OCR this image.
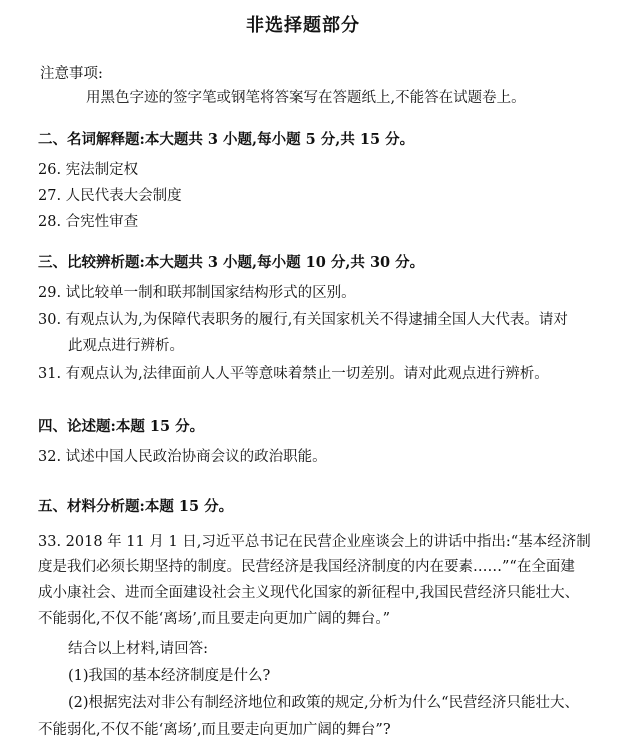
非选择题部分
注意事项:
用黑色字迹的签字笔或钢笔将答案写在答题纸上,不能答在试题卷上。
二、名词解释题:本大题共 3 小题,每小题 5 分,共 15 分。
26. 宪法制定权
27. 人民代表大会制度
28. 合宪性审查
三、比较辨析题:本大题共 3 小题,每小题 10 分,共 30 分。
29. 试比较单一制和联邦制国家结构形式的区别。
30. 有观点认为,为保障代表职务的履行,有关国家机关不得逮捕全国人大代表。请对
此观点进行辨析。
31. 有观点认为,法律面前人人平等意味着禁止一切差别。请对此观点进行辨析。
四、论述题:本题 15 分。
32. 试述中国人民政治协商会议的政治职能。
五、材料分析题:本题 15 分。
33. 2018 年 11 月 1 日,习近平总书记在民营企业座谈会上的讲话中指出:“基本经济制
度是我们必须长期坚持的制度。民营经济是我国经济制度的内在要素……”“在全面建
成小康社会、进而全面建设社会主义现代化国家的新征程中,我国民营经济只能壮大、
不能弱化,不仅不能‘离场’,而且要走向更加广阔的舞台。”
结合以上材料,请回答:
(1)我国的基本经济制度是什么?
(2)根据宪法对非公有制经济地位和政策的规定,分析为什么“民营经济只能壮大、
不能弱化,不仅不能‘离场’,而且要走向更加广阔的舞台”?
